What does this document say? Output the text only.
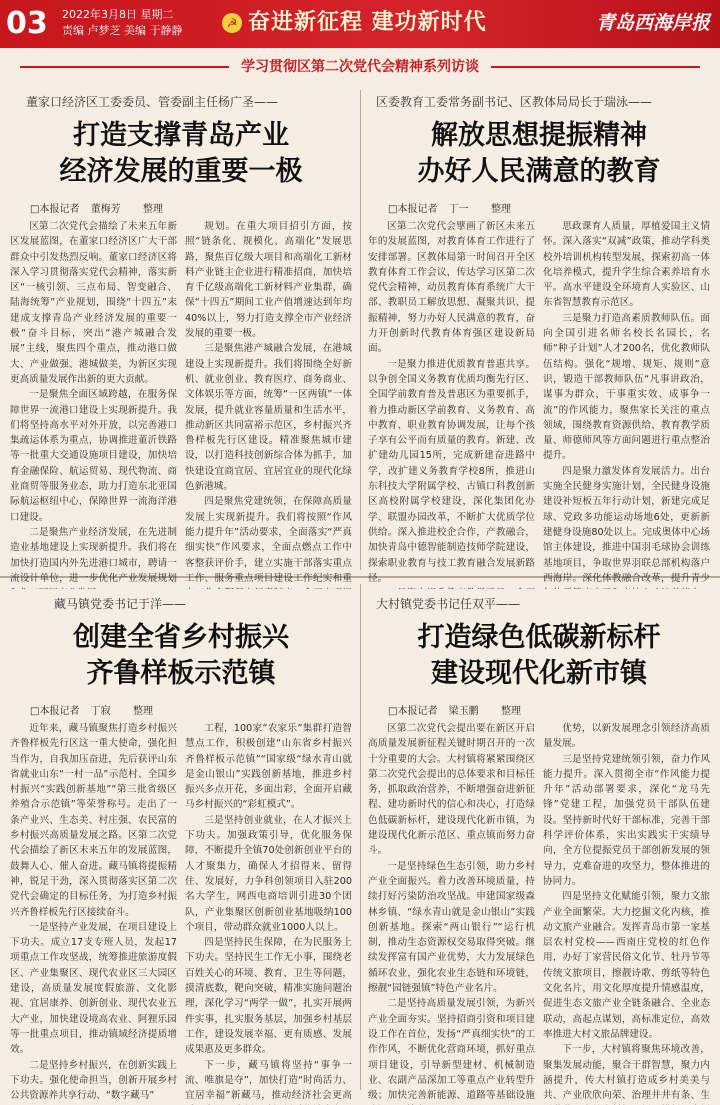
03 2022年3月8日 星期二
责编 卢梦芝 美编 于静静
☭ 奋进新征程 建功新时代	青岛西海岸报
学习贯彻区第二次党代会精神系列访谈
董家口经济区工委委员、管委副主任杨广圣——
打造支撑青岛产业
经济发展的重要一极
□本报记者 董梅芳 整理

区第二次党代会描绘了未来五年新区发展蓝图，在董家口经济区广大干部群众中引发热烈反响。董家口经济区将深入学习贯彻落实党代会精神，落实新区“一核引领、三点布局、智变融合、陆海统筹”产业规划，围绕“十四五”末建成支撑青岛产业经济发展的重要一极“奋斗目标，突出“港产城融合发展”主线，聚焦四个重点，推动港口做大、产业做强、港城做美，为新区实现更高质量发展作出新的更大贡献。

一是聚焦全面区域跨越，在服务保障世界一流港口建设上实现新提升。我们将坚持高水平对外开放，以完善港口集疏运体系为重点，协调推进董沂铁路等一批重大交通设施项目建设，加快培育金融保险、航运贸易、现代物流、商业商贸等服务业态，助力打造东北亚国际航运枢纽中心，保障世界一流海洋港口建设。

二是聚焦产业经济发展，在先进制造业基地建设上实现新提升。我们将在加快打造国内外先进港口城市，聘请一流设计单位，进一步优化产业发展规划

规划。在重大项目招引方面，按照“链条化、规模化、高端化”发展思路，聚焦百亿级大项目和高端化工新材料产业链主企业进行精准招商，加快培育千亿级高端化工新材料产业集群，确保“十四五”期间工业产值增速达到年均40%以上，努力打造支撑全市产业经济发展的重要一极。

三是聚焦港产城融合发展，在港城建设上实现新提升。我们将围绕全好新机、就业创业、教育医疗、商务商业、文体娱乐等方面，统筹“一区两镇”一体发展，提升就业容量质量和生活水平，推动新区共同富裕示范区，乡村振兴齐鲁样板先行区建设。精准聚焦城市建设，以打造科技创新综合体为抓手，加快建设宜商宜居、宜居宜业的现代化绿色新港城。

四是聚焦党建统领，在保障高质量发展上实现新提升。我们将按照“作风能力提升年”活动要求，全面落实“严真细实快”作风要求，全面点燃点工作中客整获评价手，建立实施干部落实重点工作、服务重点项目建设工作纪实和重

区委教育工委常务副书记、区教体局局长于瑞泳——
解放思想提振精神
办好人民满意的教育
□本报记者 丁一 整理

区第二次党代会擘画了新区未来五年的发展蓝图，对教育体育工作进行了安排部署。区教体局第一时间召开全区教育体育工作会议，传达学习区第二次党代会精神，动员教育体育系统广大干部、教职员工解放思想、凝聚共识、提振精神，努力办好人民满意的教育，奋力开创新时代教育体育强区建设新局面。

一是聚力推进优质教育普惠共享。以争创全国义务教育优质均衡先行区、全国学前教育普及普惠区为重要抓手，着力推动新区学前教育、义务教育、高中教育、职业教育协调发展，让每个孩子享有公平而有质量的教育。新建、改扩建幼儿园15所，完成新建奋进路中学，改扩建义务教育学校8所，推进山东科技大学附属学校、古镇口科教创新区高校附属学校建设，深化集团化办学、联盟办园改革，不断扩大优质学位供给。深入推进校企合作，产教融合，加快青岛中德智能制造技师学院建设，探索职业教育与技工教育融合发展新路径。

思政课育人质量，厚植爱国主义情怀。深入落实“双减”政策，推动学科类校外培训机构转型发展，探索初高一体化培养模式，提升学生综合素养培育水平。高水平建设全环境育人实验区、山东省智慧教育示范区。

三是聚力打造高素质教师队伍。面向全国引进名师名校长名园长，名师“种子计划”人才200名，优化教师队伍结构。强化“规增、规矩、规则”意识，锻造干部教师队伍“凡事讲政治，谋事为群众，干事重实效、成事争一流”的作风能力，聚焦家长关注的重点领域，围绕教育资源供给、教育教学质量、师德师风等方面问题进行重点整治提升。

四是聚力激发体育发展活力。出台实施全民健身实施计划，全民健身设施建设补短板五年行动计划，新建完成足球、党政多功能运动场地6处，更新新建健身设施80处以上。完成奥体中心场馆主体建设，推进中国羽毛球协会训练基地项目，争取世界羽联总部机构落户西海岸。深化体教融合改革，提升青少

藏马镇党委书记于洋——
创建全省乡村振兴
齐鲁样板示范镇
□本报记者 丁寂 整理

近年来，藏马镇聚焦打造乡村振兴齐鲁样板先行区这一重大使命，强化担当作为，自我加压奋进，先后获评山东省就业山东“一村一品”示范村、全国乡村振兴“实践创新基地”“第三批省级区养殖合示范镇”等荣誉称号。走出了一条产业兴、生态美、村庄强、农民富的乡村振兴高质量发展之路。区第二次党代会描绘了新区未来五年的发展蓝图，鼓舞人心、催人奋进。藏马镇将提振精神，锐足干劲，深入贯彻落实区第二次党代会确定的目标任务，为打造乡村振兴齐鲁样板先行区接续奋斗。

一是坚持产业发展，在项目建设上下功夫。成立17支专班人员，发起17项重点工作攻坚战，统筹推进旅游度假区、产业集聚区、现代农业区三大园区建设，高质量发展度假旅游、文化影视、宜居康养、创新创业、现代农业五大产业，加快建设境高农业、阿狸乐园等一批重点项目，推动镇域经济提质增效。

二是坚持乡村振兴，在创新实践上下功夫。强化使命担当，创新开展乡村公共资源养共享行动、“数字藏马”

工程，100家“农家乐”集群打造智慧点工作，积极创建“山东省乡村振兴齐鲁样板示范镇”“国家级“绿水青山就是金山银山”实践创新基地，推进乡村振兴多点开花，多面出彩，全面开启藏马乡村振兴的“彩虹模式”。

三是坚持创业就业，在人才振兴上下功夫。加强政策引导，优化服务保障，不断提升全镇70处创新创业平台的人才聚集力，确保人才招得来、留得住、发展好，力争科创领项目入驻200名大学生，网西电商培训引进30个团队，产业集聚区创新创业基地吸纳100个项目，带动群众就业1000人以上。

四是坚持民生保障，在为民服务上下功夫。坚持民生工作无小事，围绕老百姓关心的环境、教育、卫生等问题，摸清底数，靶向突破，精准实施问题治理，深化学习“两学一做”，扎实开展两件实事，扎实服务基层，加强乡村基层工作，建设发展幸福、更有质感、发展成果惠及更多群众。

下一步，藏马镇将坚持“事争一流、唯旗是夺”，加快打造“时尚活力、宜居幸福”新藏马，推动经济社会更高

大村镇党委书记任双平——
打造绿色低碳新标杆
建设现代化新市镇
□本报记者 梁玉鹏 整理

区第二次党代会提出要在新区开启高质量发展新征程关键时期召开的一次十分重要的大会。大村镇将紧紧围绕区第二次党代会提出的总体要求和目标任务，抓取政治营养，不断增强奋进新征程、建功新时代的信心和决心，打造绿色低碳新标杆，建设现代化新市镇，为建设现代化新示范区、重点镇而努力奋斗。

一是坚持绿色生态引领，助力乡村产业全面振兴。着力改善环境质量，持续打好污染防治攻坚战。申建国家级森林乡镇、“绿水青山就是金山银山”实践创新基地。探索“两山银行”“运行机制，推动生态资源权交易取得突破。继续发挥富有国产业优势，大力发展绿色循环农业，强化农业生态链和环境链，擦靓“园链强镇”特色产业名片。

二是坚持高质量发展引领，为新兴产业全面夯实。坚持招商引资和项目建设工作在首位，发扬“严真细实快”的工作作风，不断优化营商环境，抓好重点项目建设，引导新型建材、机械制造业、农副产品深加工等重点产业转型升级；加快完善新能源、道路等基础设施

优势，以新发展理念引领经济高质量发展。

三是坚持党建统领引领，奋力作风能力提升。深入贯彻全市“作风能力提升年”活动部署要求，深化“龙马先锋”党建工程，加强党员干部队伍建设。坚持新时代好干部标准，完善干部科学评价体系，实出实践实干实绩导向，全方位提振党员干部创新发展的领导力，克难奋进的攻坚力，整体推进的协同力。

四是坚持文化赋能引领，聚力文旅产业全面繁荣。大力挖掘文化内核，推动文旅产业融合。发挥青岛市第一家基层农村党校——西南庄党校的红色作用，办好丁家营民俗文化节、牡丹节等传统文旅项目，擦靓诗歌、剪纸等特色文化名片，用文化厚度提升情感温度，促进生态文旅产业全链条融合、全业态联动，高起点谋划，高标准定位，高效率推进大村文旅品牌建设。

下一步，大村镇将聚焦环境改善，聚集发展动能，聚合干群智慧，聚力内涵提升，传大村镇打造成乡村美美与共、产业欣欣向荣、治理井井有条、生
